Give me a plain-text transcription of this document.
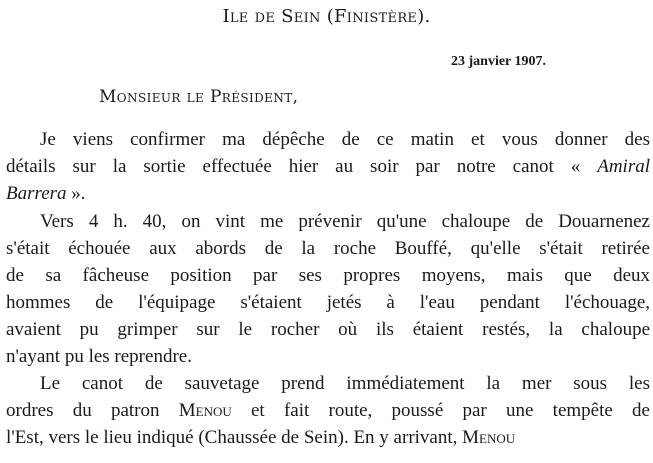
Ile de Sein (Finistère).
23 janvier 1907.
Monsieur le Président,
Je viens confirmer ma dépêche de ce matin et vous donner des
détails sur la sortie effectuée hier au soir par notre canot « Amiral
Barrera ».
Vers 4 h. 40, on vint me prévenir qu'une chaloupe de Douarnenez
s'était échouée aux abords de la roche Bouffé, qu'elle s'était retirée
de sa fâcheuse position par ses propres moyens, mais que deux
hommes de l'équipage s'étaient jetés à l'eau pendant l'échouage,
avaient pu grimper sur le rocher où ils étaient restés, la chaloupe
n'ayant pu les reprendre.
Le canot de sauvetage prend immédiatement la mer sous les
ordres du patron Menou et fait route, poussé par une tempête de
l'Est, vers le lieu indiqué (Chaussée de Sein). En y arrivant, Menou
